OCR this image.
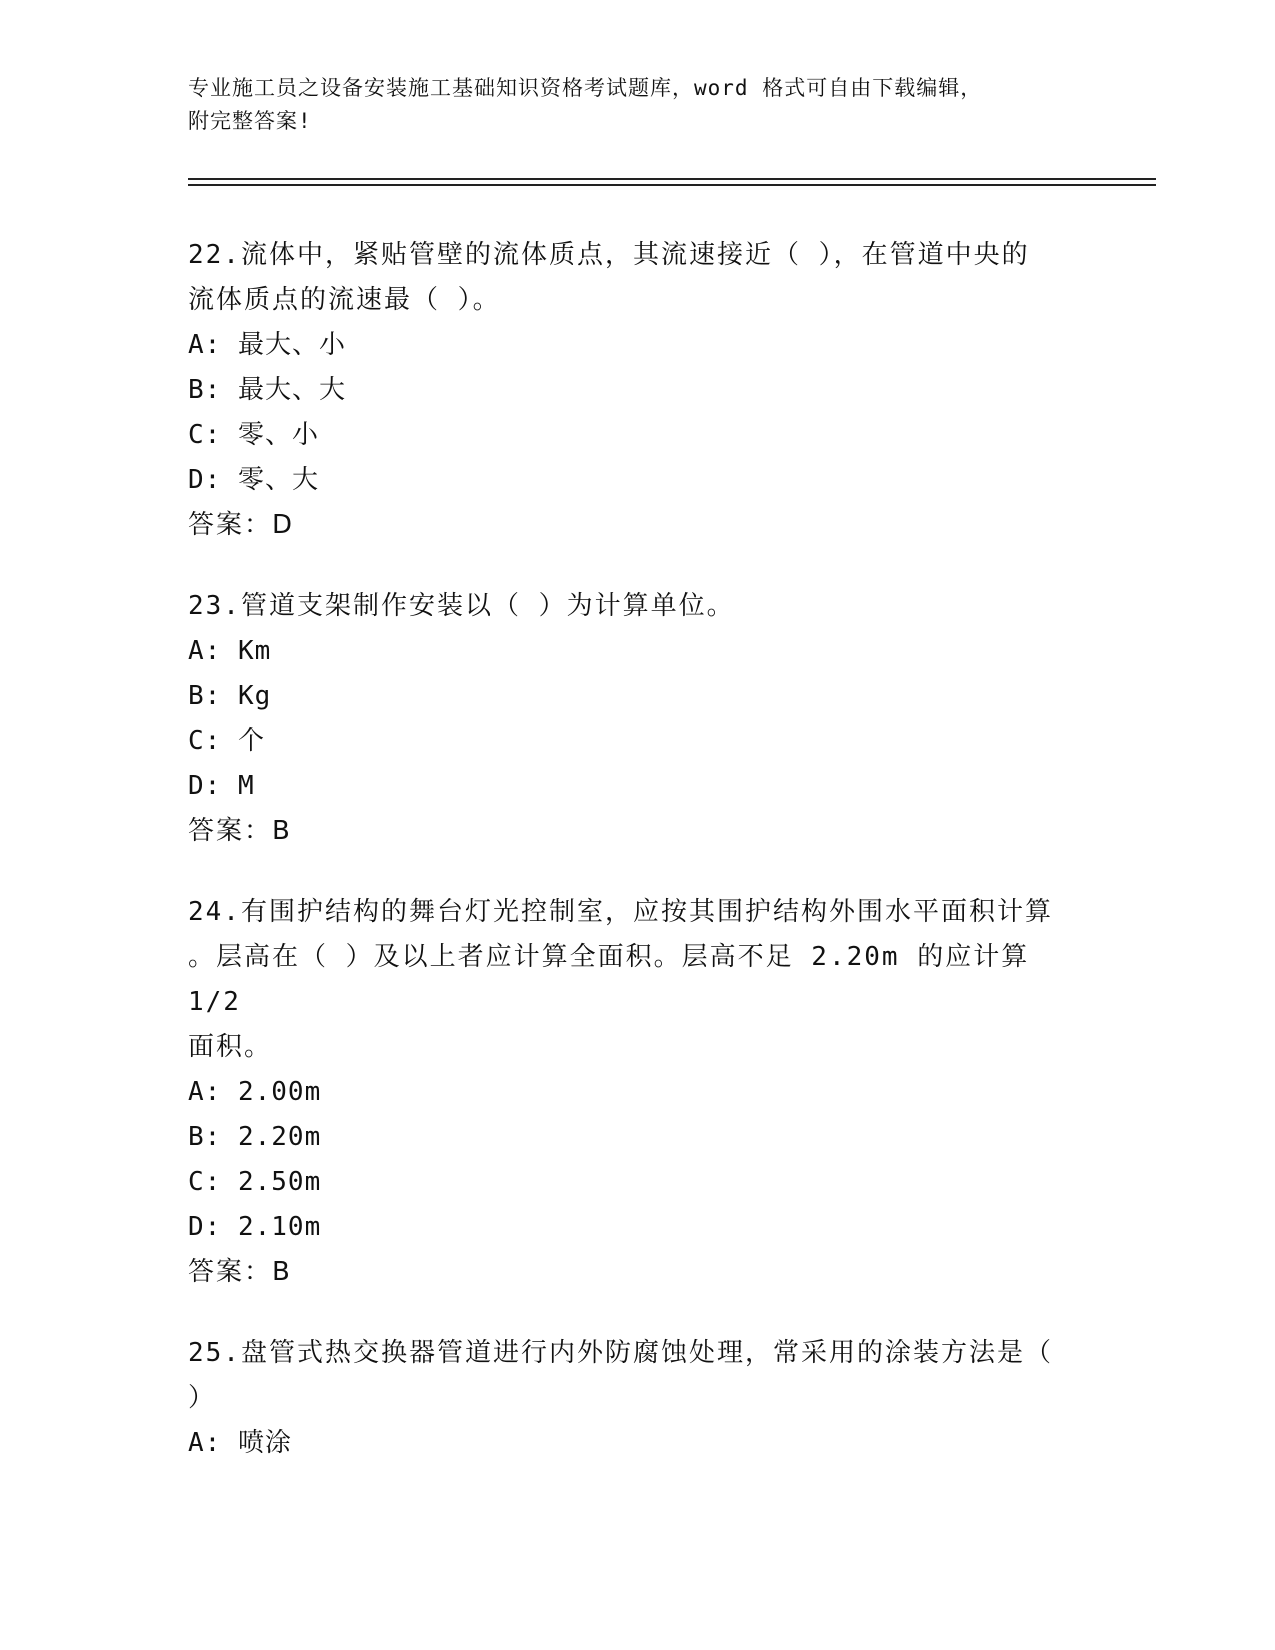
专业施工员之设备安装施工基础知识资格考试题库，word 格式可自由下载编辑，
附完整答案!

22.流体中，紧贴管壁的流体质点，其流速接近（ ），在管道中央的

流体质点的流速最（ ）。

A: 最大、小

B: 最大、大

C: 零、小

D: 零、大

答案：D

23.管道支架制作安装以（ ）为计算单位。

A: Km

B: Kg

C: 个

D: M

答案：B

24.有围护结构的舞台灯光控制室，应按其围护结构外围水平面积计算

。层高在（ ）及以上者应计算全面积。层高不足 2.20m 的应计算 1/2

面积。

A: 2.00m

B: 2.20m

C: 2.50m

D: 2.10m

答案：B

25.盘管式热交换器管道进行内外防腐蚀处理，常采用的涂装方法是（

）

A: 喷涂
